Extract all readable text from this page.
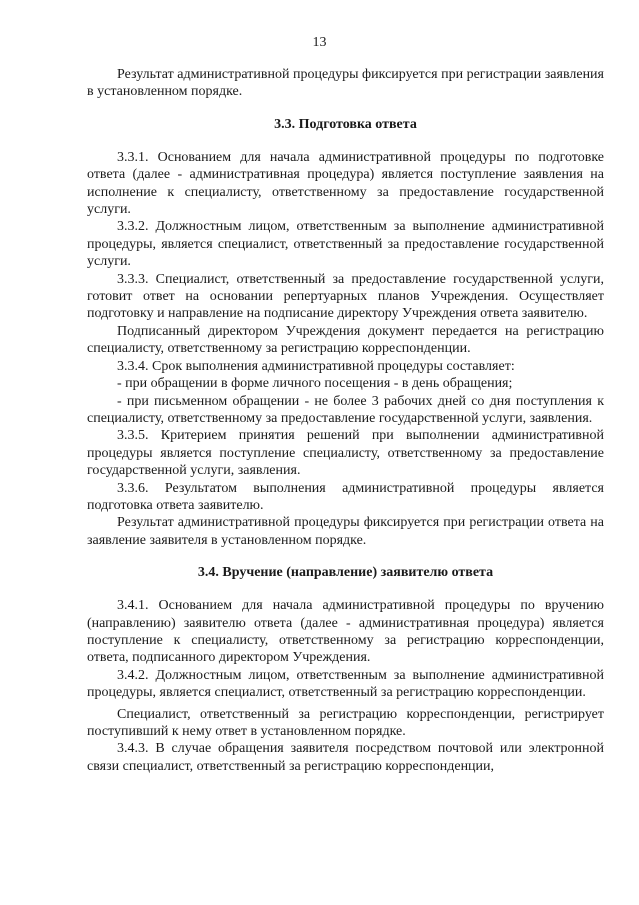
13

Результат административной процедуры фиксируется при регистрации заявления в установленном порядке.

3.3. Подготовка ответа

3.3.1. Основанием для начала административной процедуры по подготовке ответа (далее - административная процедура) является поступление заявления на исполнение к специалисту, ответственному за предоставление государственной услуги.

3.3.2. Должностным лицом, ответственным за выполнение административной процедуры, является специалист, ответственный за предоставление государственной услуги.

3.3.3. Специалист, ответственный за предоставление государственной услуги, готовит ответ на основании репертуарных планов Учреждения. Осуществляет подготовку и направление на подписание директору Учреждения ответа заявителю.

Подписанный директором Учреждения документ передается на регистрацию специалисту, ответственному за регистрацию корреспонденции.

3.3.4. Срок выполнения административной процедуры составляет:

- при обращении в форме личного посещения - в день обращения;

- при письменном обращении - не более 3 рабочих дней со дня поступления к специалисту, ответственному за предоставление государственной услуги, заявления.

3.3.5. Критерием принятия решений при выполнении административной процедуры является поступление специалисту, ответственному за предоставление государственной услуги, заявления.

3.3.6. Результатом выполнения административной процедуры является подготовка ответа заявителю.

Результат административной процедуры фиксируется при регистрации ответа на заявление заявителя в установленном порядке.

3.4. Вручение (направление) заявителю ответа

3.4.1. Основанием для начала административной процедуры по вручению (направлению) заявителю ответа (далее - административная процедура) является поступление к специалисту, ответственному за регистрацию корреспонденции, ответа, подписанного директором Учреждения.

3.4.2. Должностным лицом, ответственным за выполнение административной процедуры, является специалист, ответственный за регистрацию корреспонденции.

Специалист, ответственный за регистрацию корреспонденции, регистрирует поступивший к нему ответ в установленном порядке.

3.4.3. В случае обращения заявителя посредством почтовой или электронной связи специалист, ответственный за регистрацию корреспонденции,
